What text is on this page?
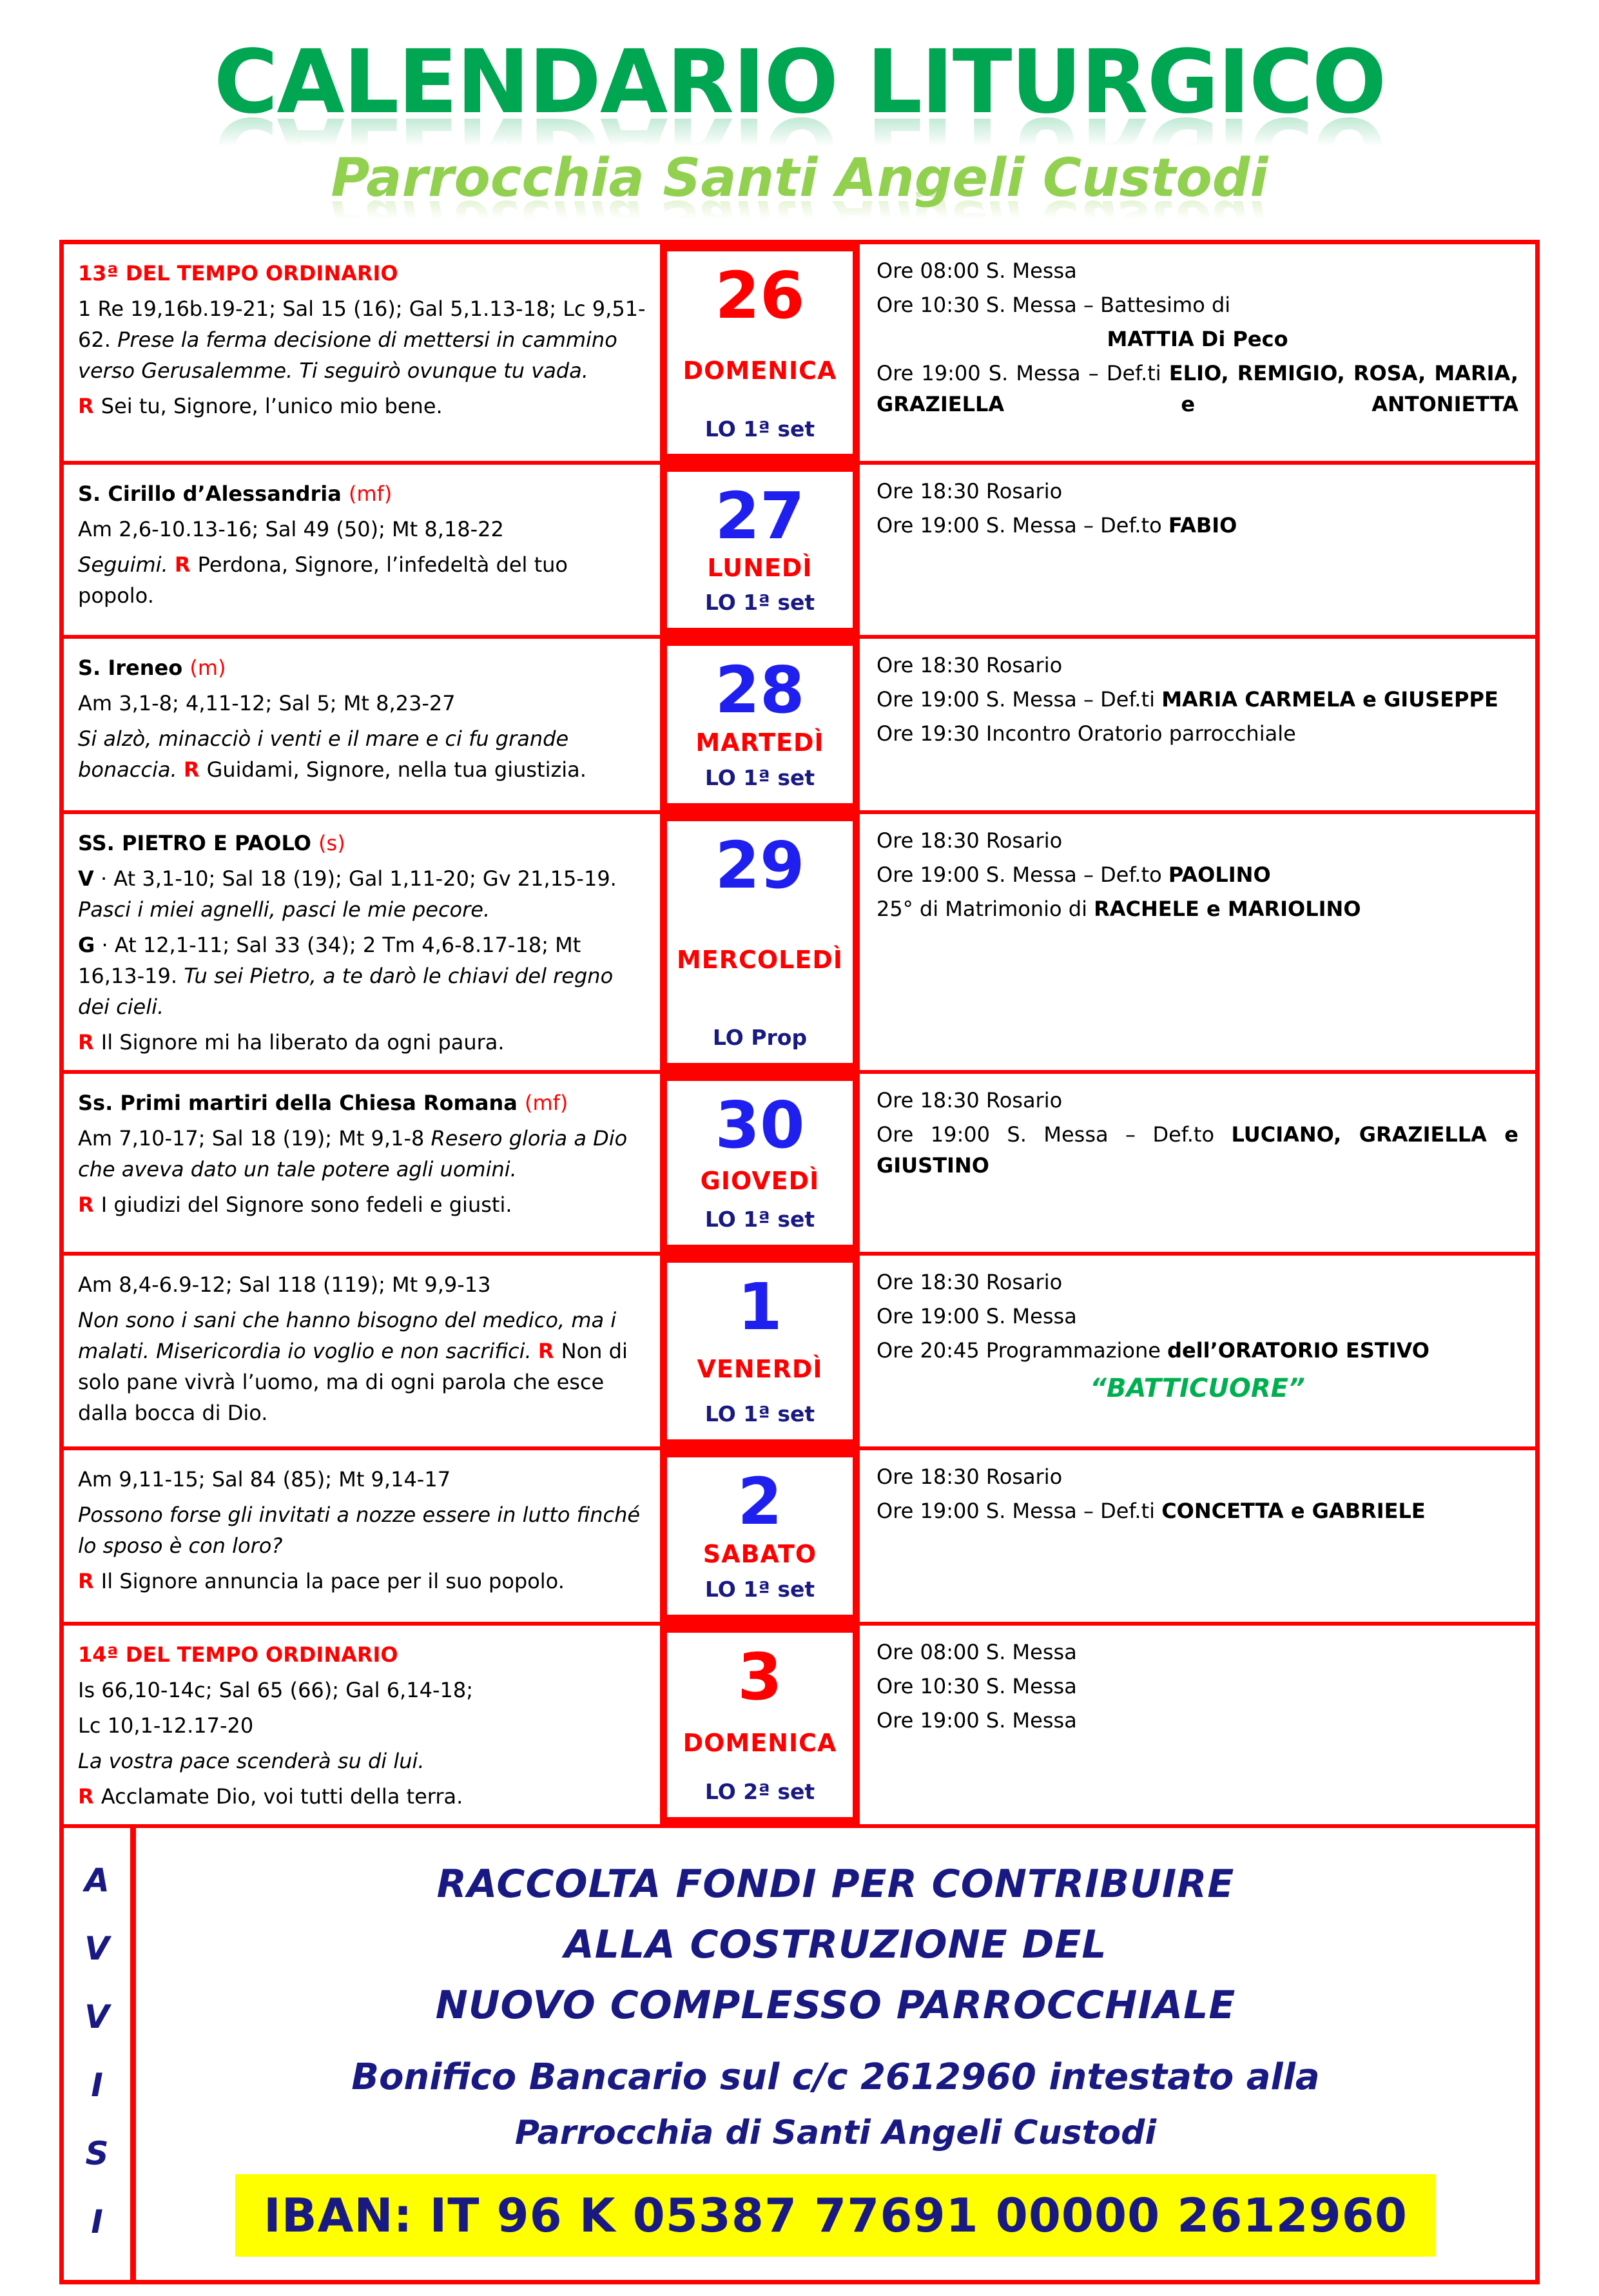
CALENDARIO LITURGICO
Parrocchia Santi Angeli Custodi

13ª DEL TEMPO ORDINARIO

1 Re 19,16b.19-21; Sal 15 (16); Gal 5,1.13-18; Lc 9,51-62. Prese la ferma decisione di mettersi in cammino verso Gerusalemme. Ti seguirò ovunque tu vada.

R Sei tu, Signore, l’unico mio bene.

26
DOMENICA
LO 1ª set

Ore 08:00 S. Messa

Ore 10:30 S. Messa – Battesimo di

MATTIA Di Peco

Ore 19:00 S. Messa – Def.ti ELIO, REMIGIO, ROSA, MARIA, GRAZIELLA e ANTONIETTA

S. Cirillo d’Alessandria (mf)

Am 2,6-10.13-16; Sal 49 (50); Mt 8,18-22

Seguimi. R Perdona, Signore, l’infedeltà del tuo popolo.

27
LUNEDÌ
LO 1ª set

Ore 18:30 Rosario

Ore 19:00 S. Messa – Def.to FABIO

S. Ireneo (m)

Am 3,1-8; 4,11-12; Sal 5; Mt 8,23-27

Si alzò, minacciò i venti e il mare e ci fu grande bonaccia. R Guidami, Signore, nella tua giustizia.

28
MARTEDÌ
LO 1ª set

Ore 18:30 Rosario

Ore 19:00 S. Messa – Def.ti MARIA CARMELA e GIUSEPPE

Ore 19:30 Incontro Oratorio parrocchiale

SS. PIETRO E PAOLO (s)

V · At 3,1-10; Sal 18 (19); Gal 1,11-20; Gv 21,15-19. Pasci i miei agnelli, pasci le mie pecore.

G · At 12,1-11; Sal 33 (34); 2 Tm 4,6-8.17-18; Mt 16,13-19. Tu sei Pietro, a te darò le chiavi del regno dei cieli.

R Il Signore mi ha liberato da ogni paura.

29
MERCOLEDÌ
LO Prop

Ore 18:30 Rosario

Ore 19:00 S. Messa – Def.to PAOLINO

25° di Matrimonio di RACHELE e MARIOLINO

Ss. Primi martiri della Chiesa Romana (mf)

Am 7,10-17; Sal 18 (19); Mt 9,1-8 Resero gloria a Dio che aveva dato un tale potere agli uomini.

R I giudizi del Signore sono fedeli e giusti.

30
GIOVEDÌ
LO 1ª set

Ore 18:30 Rosario

Ore 19:00 S. Messa – Def.to LUCIANO, GRAZIELLA e GIUSTINO

Am 8,4-6.9-12; Sal 118 (119); Mt 9,9-13

Non sono i sani che hanno bisogno del medico, ma i malati. Misericordia io voglio e non sacrifici. R Non di solo pane vivrà l’uomo, ma di ogni parola che esce dalla bocca di Dio.

1
VENERDÌ
LO 1ª set

Ore 18:30 Rosario

Ore 19:00 S. Messa

Ore 20:45 Programmazione dell’ORATORIO ESTIVO

“BATTICUORE”

Am 9,11-15; Sal 84 (85); Mt 9,14-17

Possono forse gli invitati a nozze essere in lutto finché lo sposo è con loro?

R Il Signore annuncia la pace per il suo popolo.

2
SABATO
LO 1ª set

Ore 18:30 Rosario

Ore 19:00 S. Messa – Def.ti CONCETTA e GABRIELE

14ª DEL TEMPO ORDINARIO

Is 66,10-14c; Sal 65 (66); Gal 6,14-18;

Lc 10,1-12.17-20

La vostra pace scenderà su di lui.

R Acclamate Dio, voi tutti della terra.

3
DOMENICA
LO 2ª set

Ore 08:00 S. Messa

Ore 10:30 S. Messa

Ore 19:00 S. Messa

A
V
V
I
S
I

RACCOLTA FONDI PER CONTRIBUIRE

ALLA COSTRUZIONE DEL

NUOVO COMPLESSO PARROCCHIALE

Bonifico Bancario sul c/c 2612960 intestato alla

Parrocchia di Santi Angeli Custodi

IBAN: IT 96 K 05387 77691 00000 2612960
